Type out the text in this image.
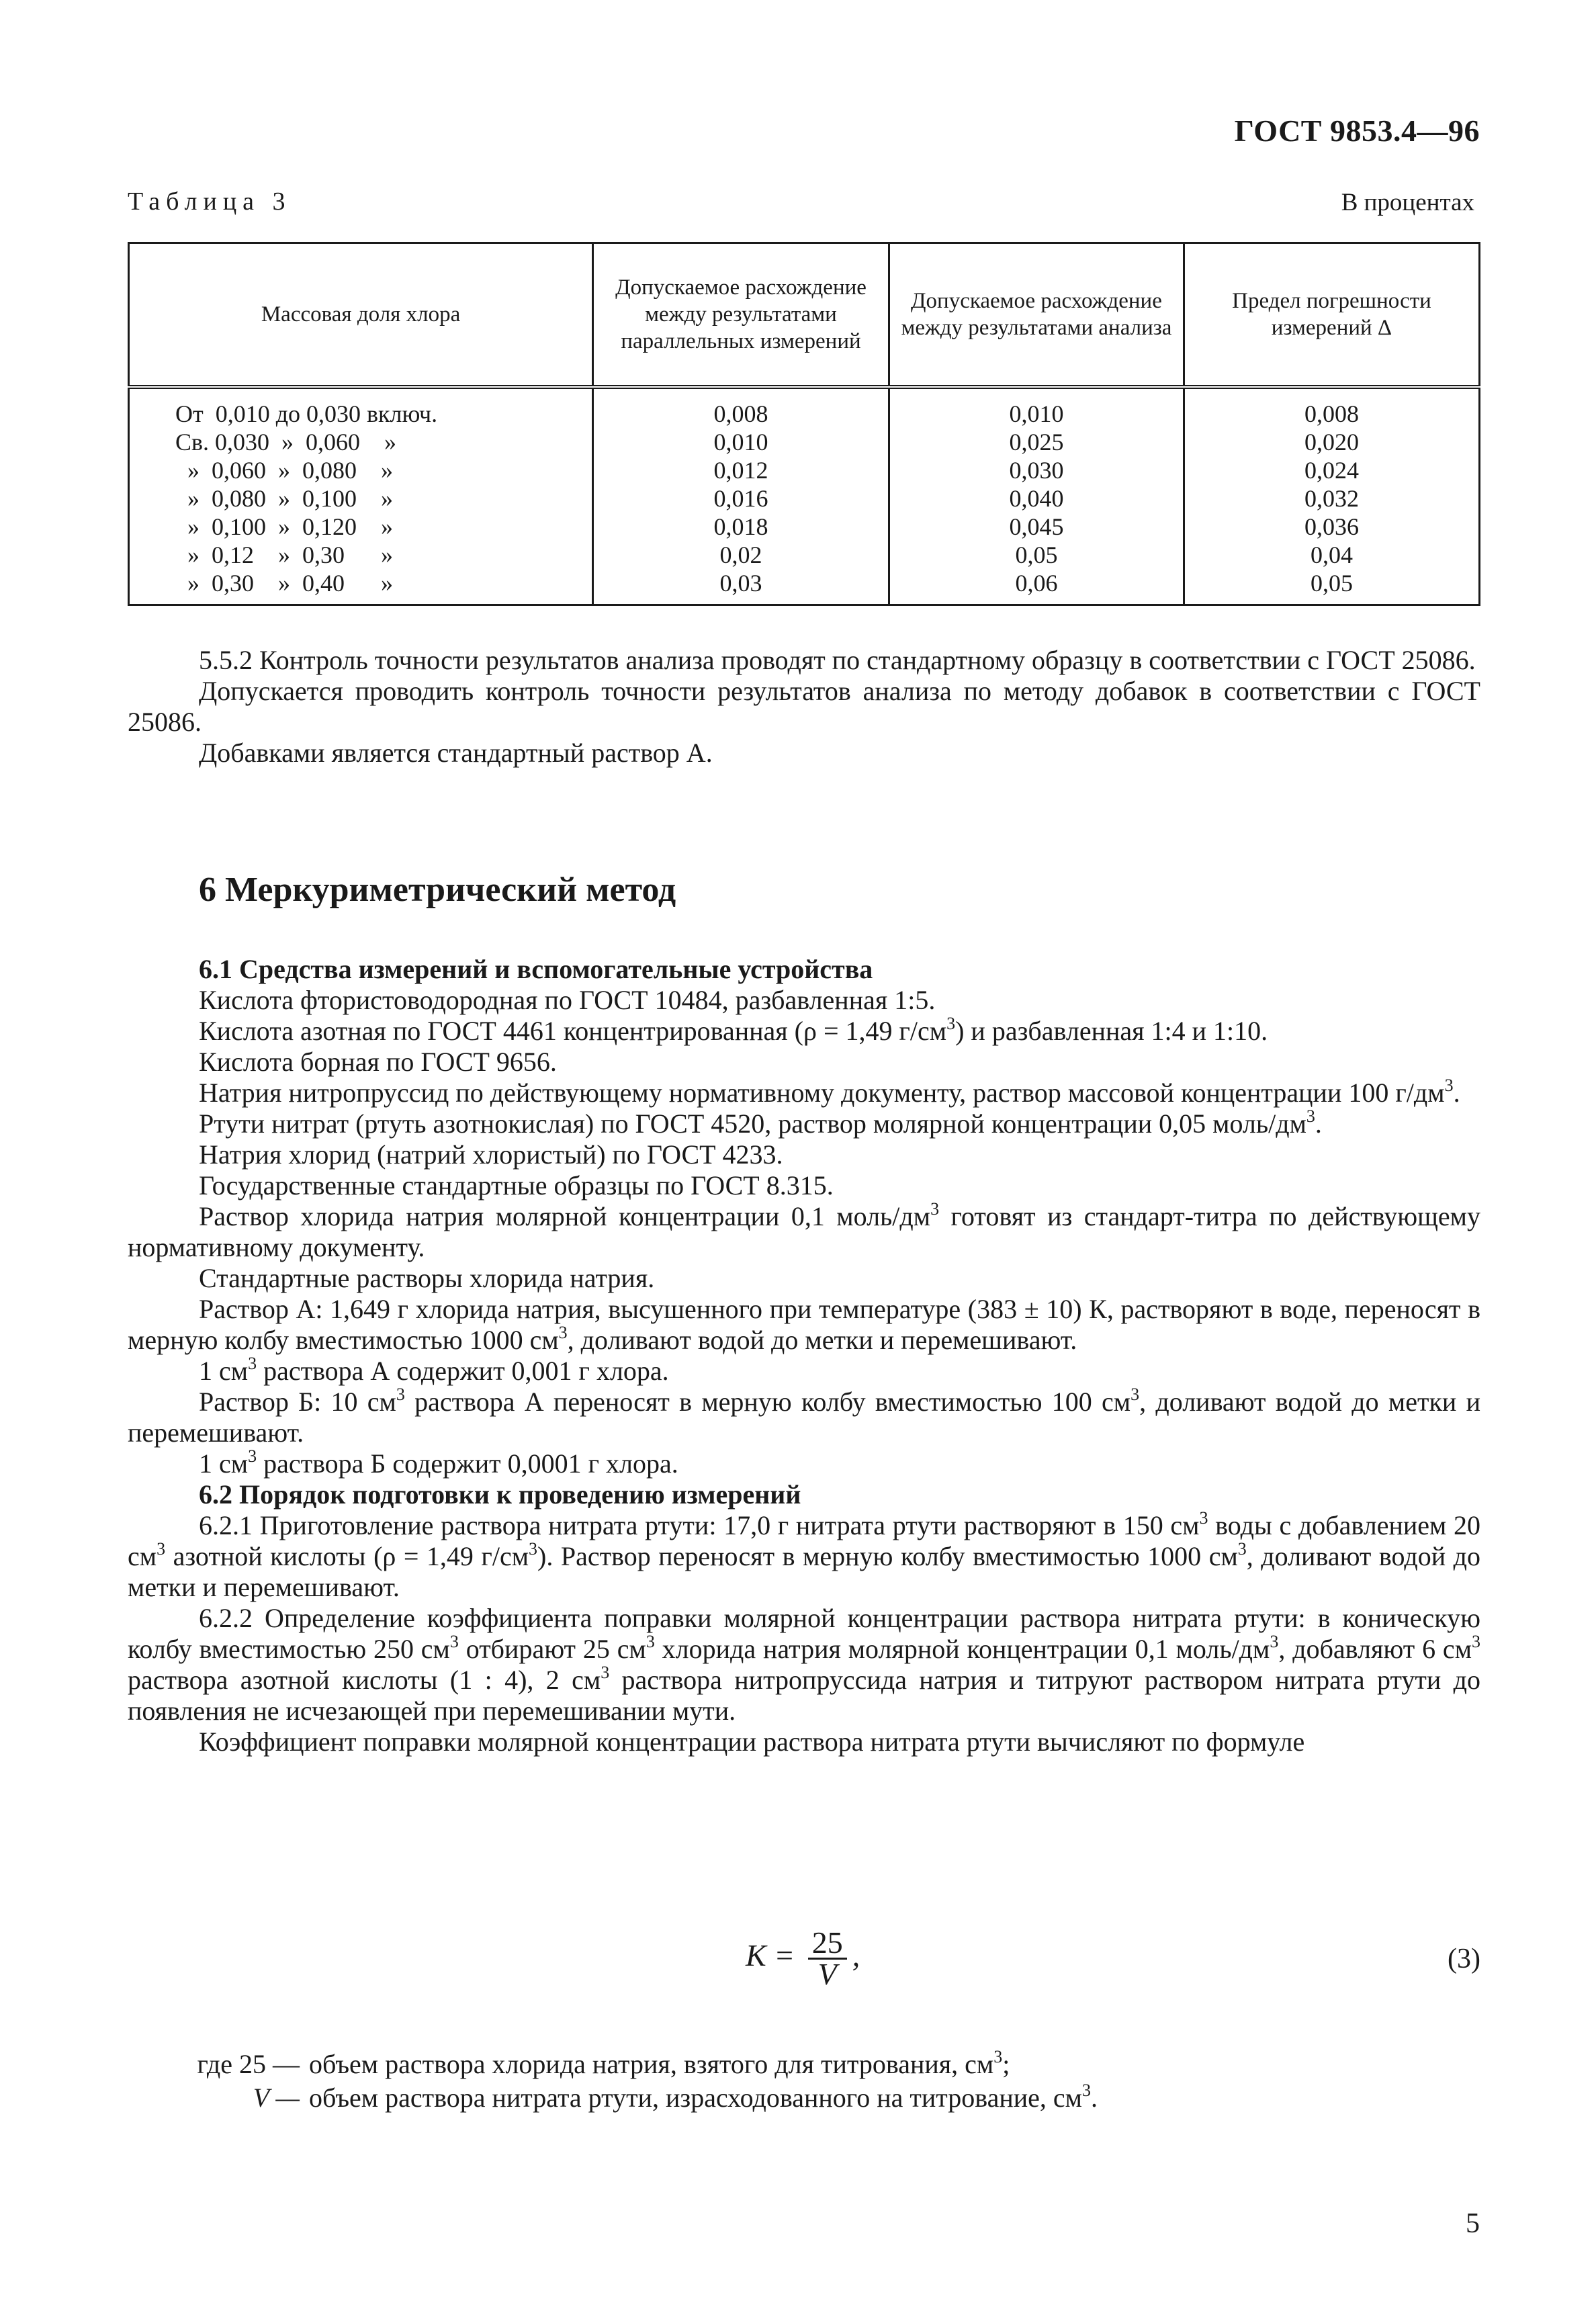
ГОСТ 9853.4—96
Таблица 3	В процентах
Массовая доля хлора	Допускаемое расхождение между результатами параллельных измерений	Допускаемое расхождение между результатами анализа	Предел погрешности измерений Δ
От  0,010 до 0,030 включ.	0,008	0,010	0,008
Св. 0,030  »  0,060    »	0,010	0,025	0,020
»  0,060  »  0,080    »	0,012	0,030	0,024
»  0,080  »  0,100    »	0,016	0,040	0,032
»  0,100  »  0,120    »	0,018	0,045	0,036
»  0,12    »  0,30      »	0,02	0,05	0,04
»  0,30    »  0,40      »	0,03	0,06	0,05

5.5.2 Контроль точности результатов анализа проводят по стандартному образцу в соответствии с ГОСТ 25086.

Допускается проводить контроль точности результатов анализа по методу добавок в соответствии с ГОСТ 25086.

Добавками является стандартный раствор А.

6 Меркуриметрический метод

6.1 Средства измерений и вспомогательные устройства

Кислота фтористоводородная по ГОСТ 10484, разбавленная 1:5.

Кислота азотная по ГОСТ 4461 концентрированная (ρ = 1,49 $г/см^3$) и разбавленная 1:4 и 1:10.

Кислота борная по ГОСТ 9656.

Натрия нитропруссид по действующему нормативному документу, раствор массовой концентрации 100 $г/дм^3$.

Ртути нитрат (ртуть азотнокислая) по ГОСТ 4520, раствор молярной концентрации 0,05 моль/$дм^3$.

Натрия хлорид (натрий хлористый) по ГОСТ 4233.

Государственные стандартные образцы по ГОСТ 8.315.

Раствор хлорида натрия молярной концентрации 0,1 моль/$дм^3$ готовят из стандарт-титра по действующему нормативному документу.

Стандартные растворы хлорида натрия.

Раствор А: 1,649 г хлорида натрия, высушенного при температуре (383 ± 10) К, растворяют в воде, переносят в мерную колбу вместимостью 1000 $см^3$, доливают водой до метки и перемешивают.

1 $см^3$ раствора А содержит 0,001 г хлора.

Раствор Б: 10 $см^3$ раствора А переносят в мерную колбу вместимостью 100 $см^3$, доливают водой до метки и перемешивают.

1 $см^3$ раствора Б содержит 0,0001 г хлора.

6.2 Порядок подготовки к проведению измерений

6.2.1 Приготовление раствора нитрата ртути: 17,0 г нитрата ртути растворяют в 150 $см^3$ воды с добавлением 20 $см^3$ азотной кислоты (ρ = 1,49 $г/см^3$). Раствор переносят в мерную колбу вместимостью 1000 $см^3$, доливают водой до метки и перемешивают.

6.2.2 Определение коэффициента поправки молярной концентрации раствора нитрата ртути: в коническую колбу вместимостью 250 $см^3$ отбирают 25 $см^3$ хлорида натрия молярной концентрации 0,1 моль/$дм^3$, добавляют 6 $см^3$ раствора азотной кислоты (1 : 4), 2 $см^3$ раствора нитропруссида натрия и титруют раствором нитрата ртути до появления не исчезающей при перемешивании мути.

Коэффициент поправки молярной концентрации раствора нитрата ртути вычисляют по формуле

$K = \frac{25}{V}$ ,	(3)
где 25 — объем раствора хлорида натрия, взятого для титрования, $см^3$;
V — объем раствора нитрата ртути, израсходованного на титрование, $см^3$.
5
